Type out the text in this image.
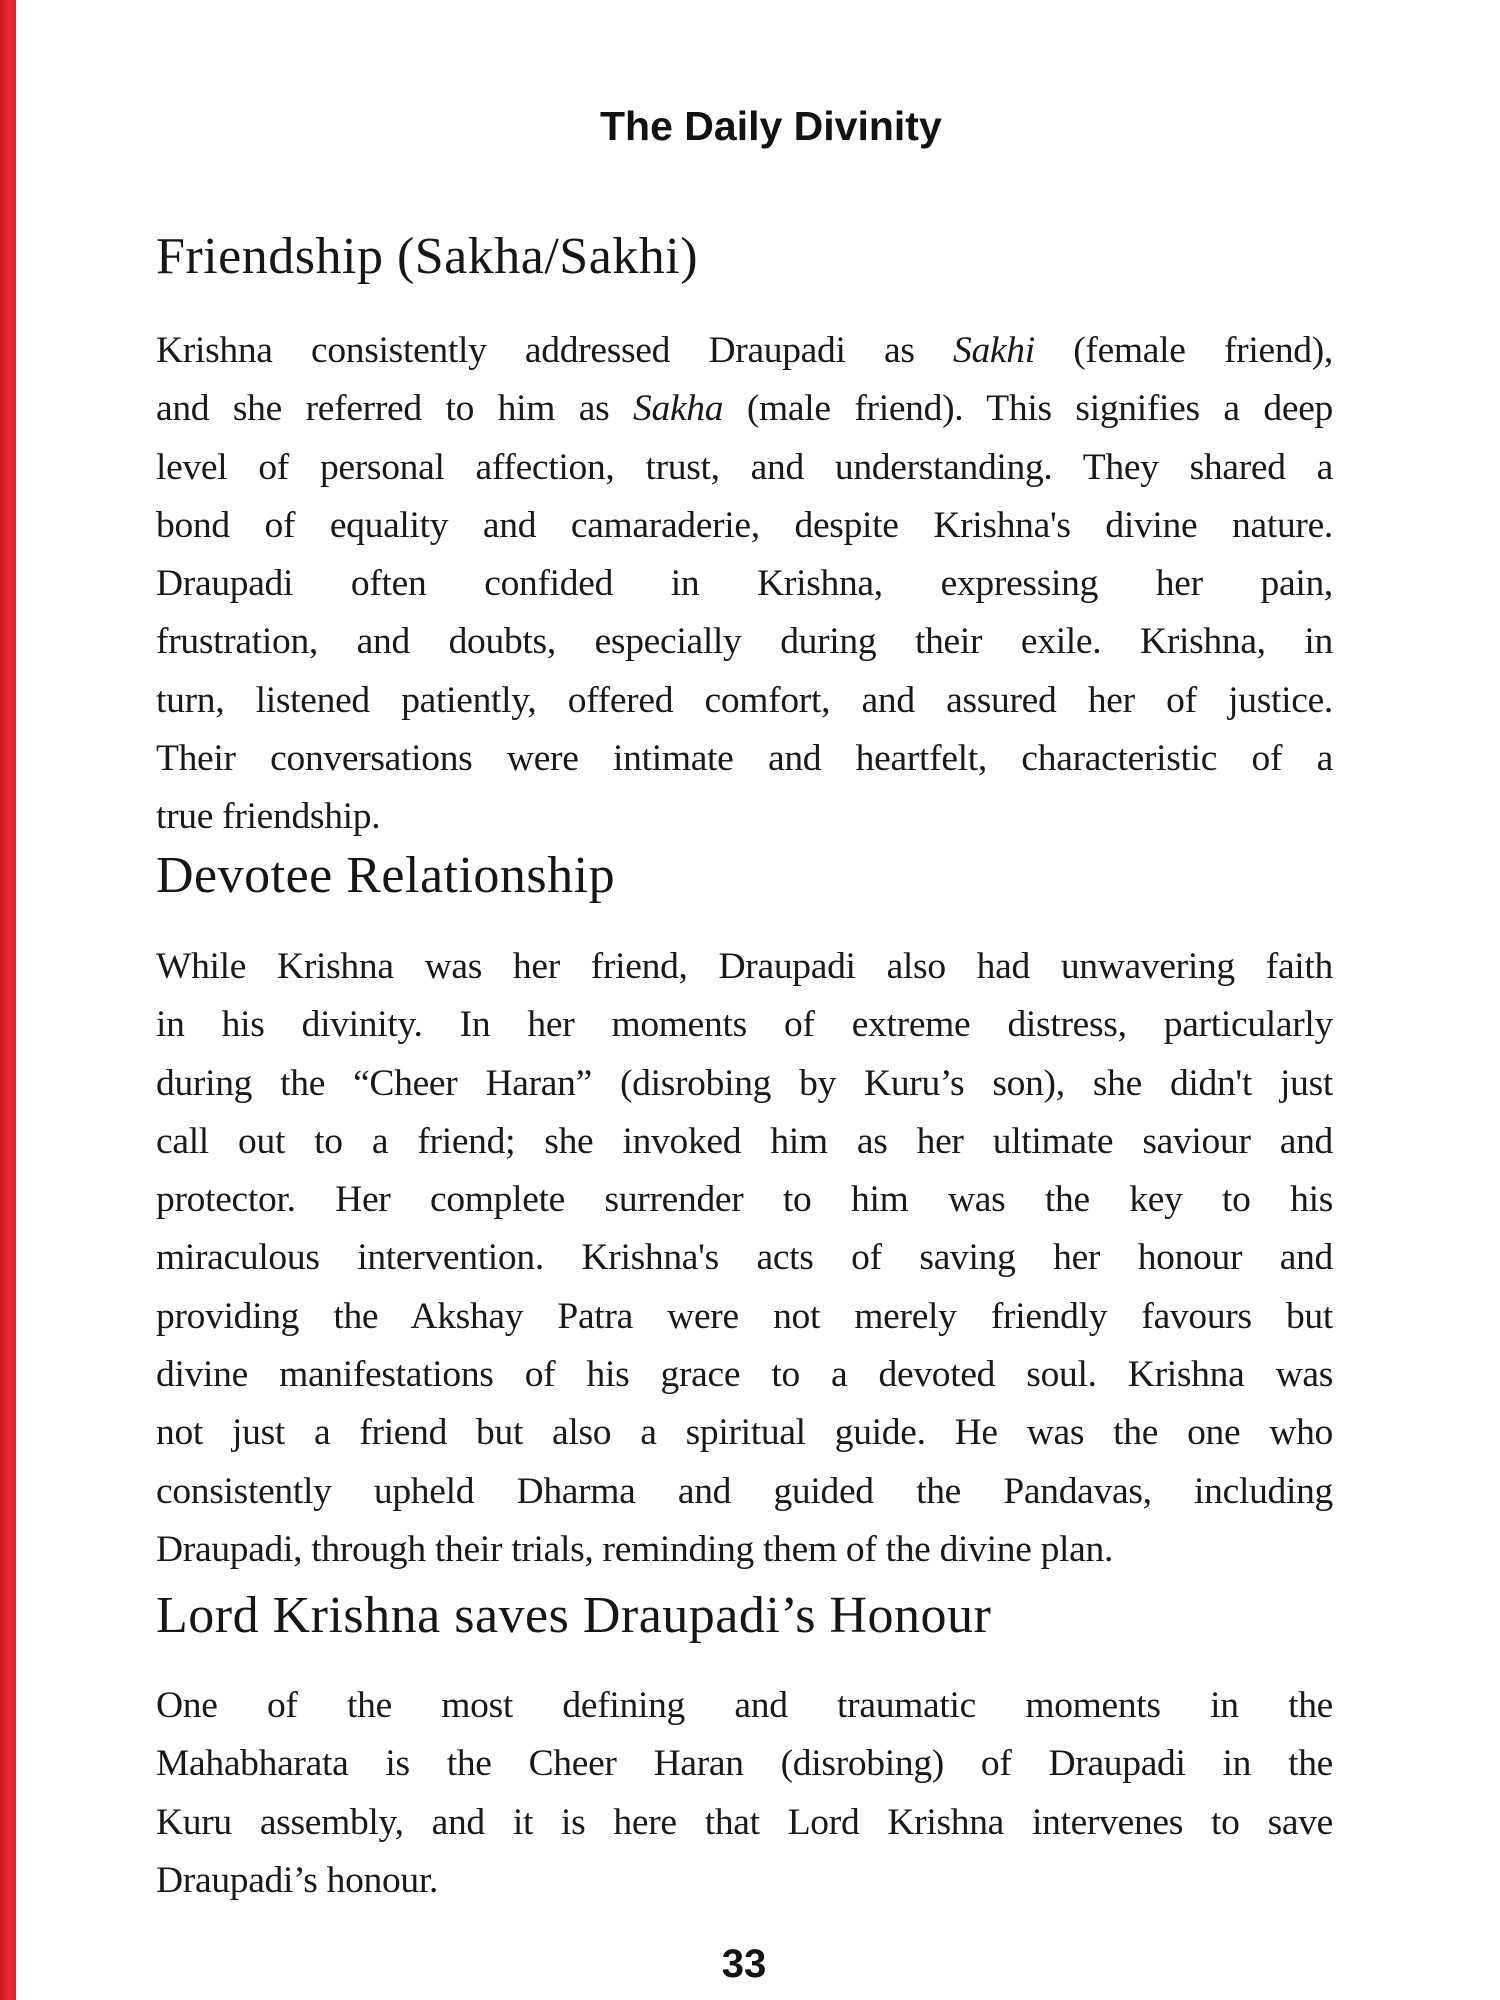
The Daily Divinity
Friendship (Sakha/Sakhi)
Krishna consistently addressed Draupadi as Sakhi (female friend),
and she referred to him as Sakha (male friend). This signifies a deep
level of personal affection, trust, and understanding. They shared a
bond of equality and camaraderie, despite Krishna's divine nature.
Draupadi often confided in Krishna, expressing her pain,
frustration, and doubts, especially during their exile. Krishna, in
turn, listened patiently, offered comfort, and assured her of justice.
Their conversations were intimate and heartfelt, characteristic of a
true friendship.
Devotee Relationship
While Krishna was her friend, Draupadi also had unwavering faith
in his divinity. In her moments of extreme distress, particularly
during the “Cheer Haran” (disrobing by Kuru’s son), she didn't just
call out to a friend; she invoked him as her ultimate saviour and
protector. Her complete surrender to him was the key to his
miraculous intervention. Krishna's acts of saving her honour and
providing the Akshay Patra were not merely friendly favours but
divine manifestations of his grace to a devoted soul. Krishna was
not just a friend but also a spiritual guide. He was the one who
consistently upheld Dharma and guided the Pandavas, including
Draupadi, through their trials, reminding them of the divine plan.
Lord Krishna saves Draupadi’s Honour
One of the most defining and traumatic moments in the
Mahabharata is the Cheer Haran (disrobing) of Draupadi in the
Kuru assembly, and it is here that Lord Krishna intervenes to save
Draupadi’s honour.
33
